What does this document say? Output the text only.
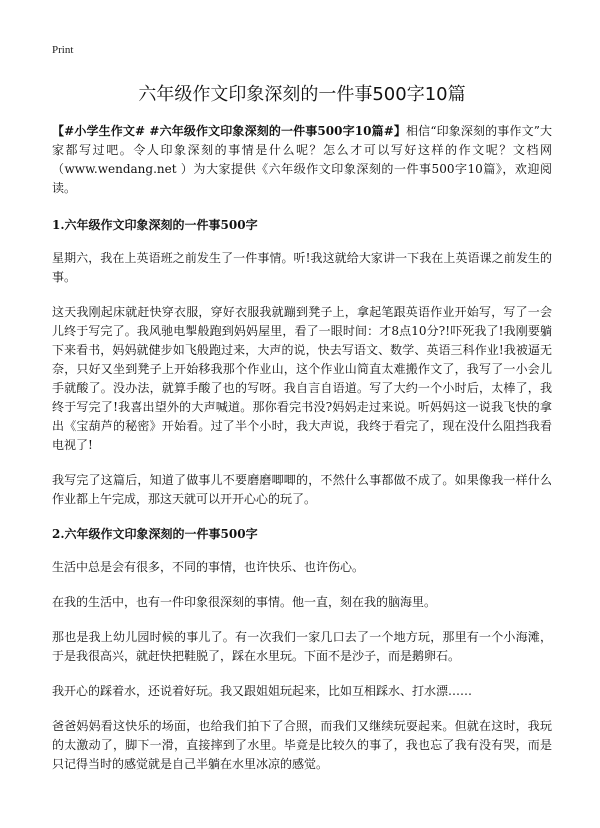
Print
六年级作文印象深刻的一件事500字10篇

【#小学生作文# #六年级作文印象深刻的一件事500字10篇#】相信“印象深刻的事作文”大家都写过吧。令人印象深刻的事情是什么呢？怎么才可以写好这样的作文呢？文档网（www.wendang.net ）为大家提供《六年级作文印象深刻的一件事500字10篇》，欢迎阅读。

1.六年级作文印象深刻的一件事500字

星期六，我在上英语班之前发生了一件事情。听!我这就给大家讲一下我在上英语课之前发生的事。

这天我刚起床就赶快穿衣服，穿好衣服我就蹦到凳子上，拿起笔跟英语作业开始写，写了一会儿终于写完了。我风驰电掣般跑到妈妈屋里，看了一眼时间：才8点10分?!吓死我了!我刚要躺下来看书，妈妈就健步如飞般跑过来，大声的说，快去写语文、数学、英语三科作业!我被逼无奈，只好又坐到凳子上开始移我那个作业山，这个作业山简直太难搬作文了，我写了一小会儿手就酸了。没办法，就算手酸了也的写呀。我自言自语道。写了大约一个小时后，太棒了，我终于写完了!我喜出望外的大声喊道。那你看完书没?妈妈走过来说。听妈妈这一说我飞快的拿出《宝葫芦的秘密》开始看。过了半个小时，我大声说，我终于看完了，现在没什么阻挡我看电视了!

我写完了这篇后，知道了做事儿不要磨磨唧唧的，不然什么事都做不成了。如果像我一样什么作业都上午完成，那这天就可以开开心心的玩了。

2.六年级作文印象深刻的一件事500字

生活中总是会有很多，不同的事情，也许快乐、也许伤心。

在我的生活中，也有一件印象很深刻的事情。他一直，刻在我的脑海里。

那也是我上幼儿园时候的事儿了。有一次我们一家几口去了一个地方玩，那里有一个小海滩，于是我很高兴，就赶快把鞋脱了，踩在水里玩。下面不是沙子，而是鹅卵石。

我开心的踩着水，还说着好玩。我又跟姐姐玩起来，比如互相踩水、打水漂……

爸爸妈妈看这快乐的场面，也给我们拍下了合照，而我们又继续玩耍起来。但就在这时，我玩的太激动了，脚下一滑，直接摔到了水里。毕竟是比较久的事了，我也忘了我有没有哭，而是只记得当时的感觉就是自己半躺在水里冰凉的感觉。
